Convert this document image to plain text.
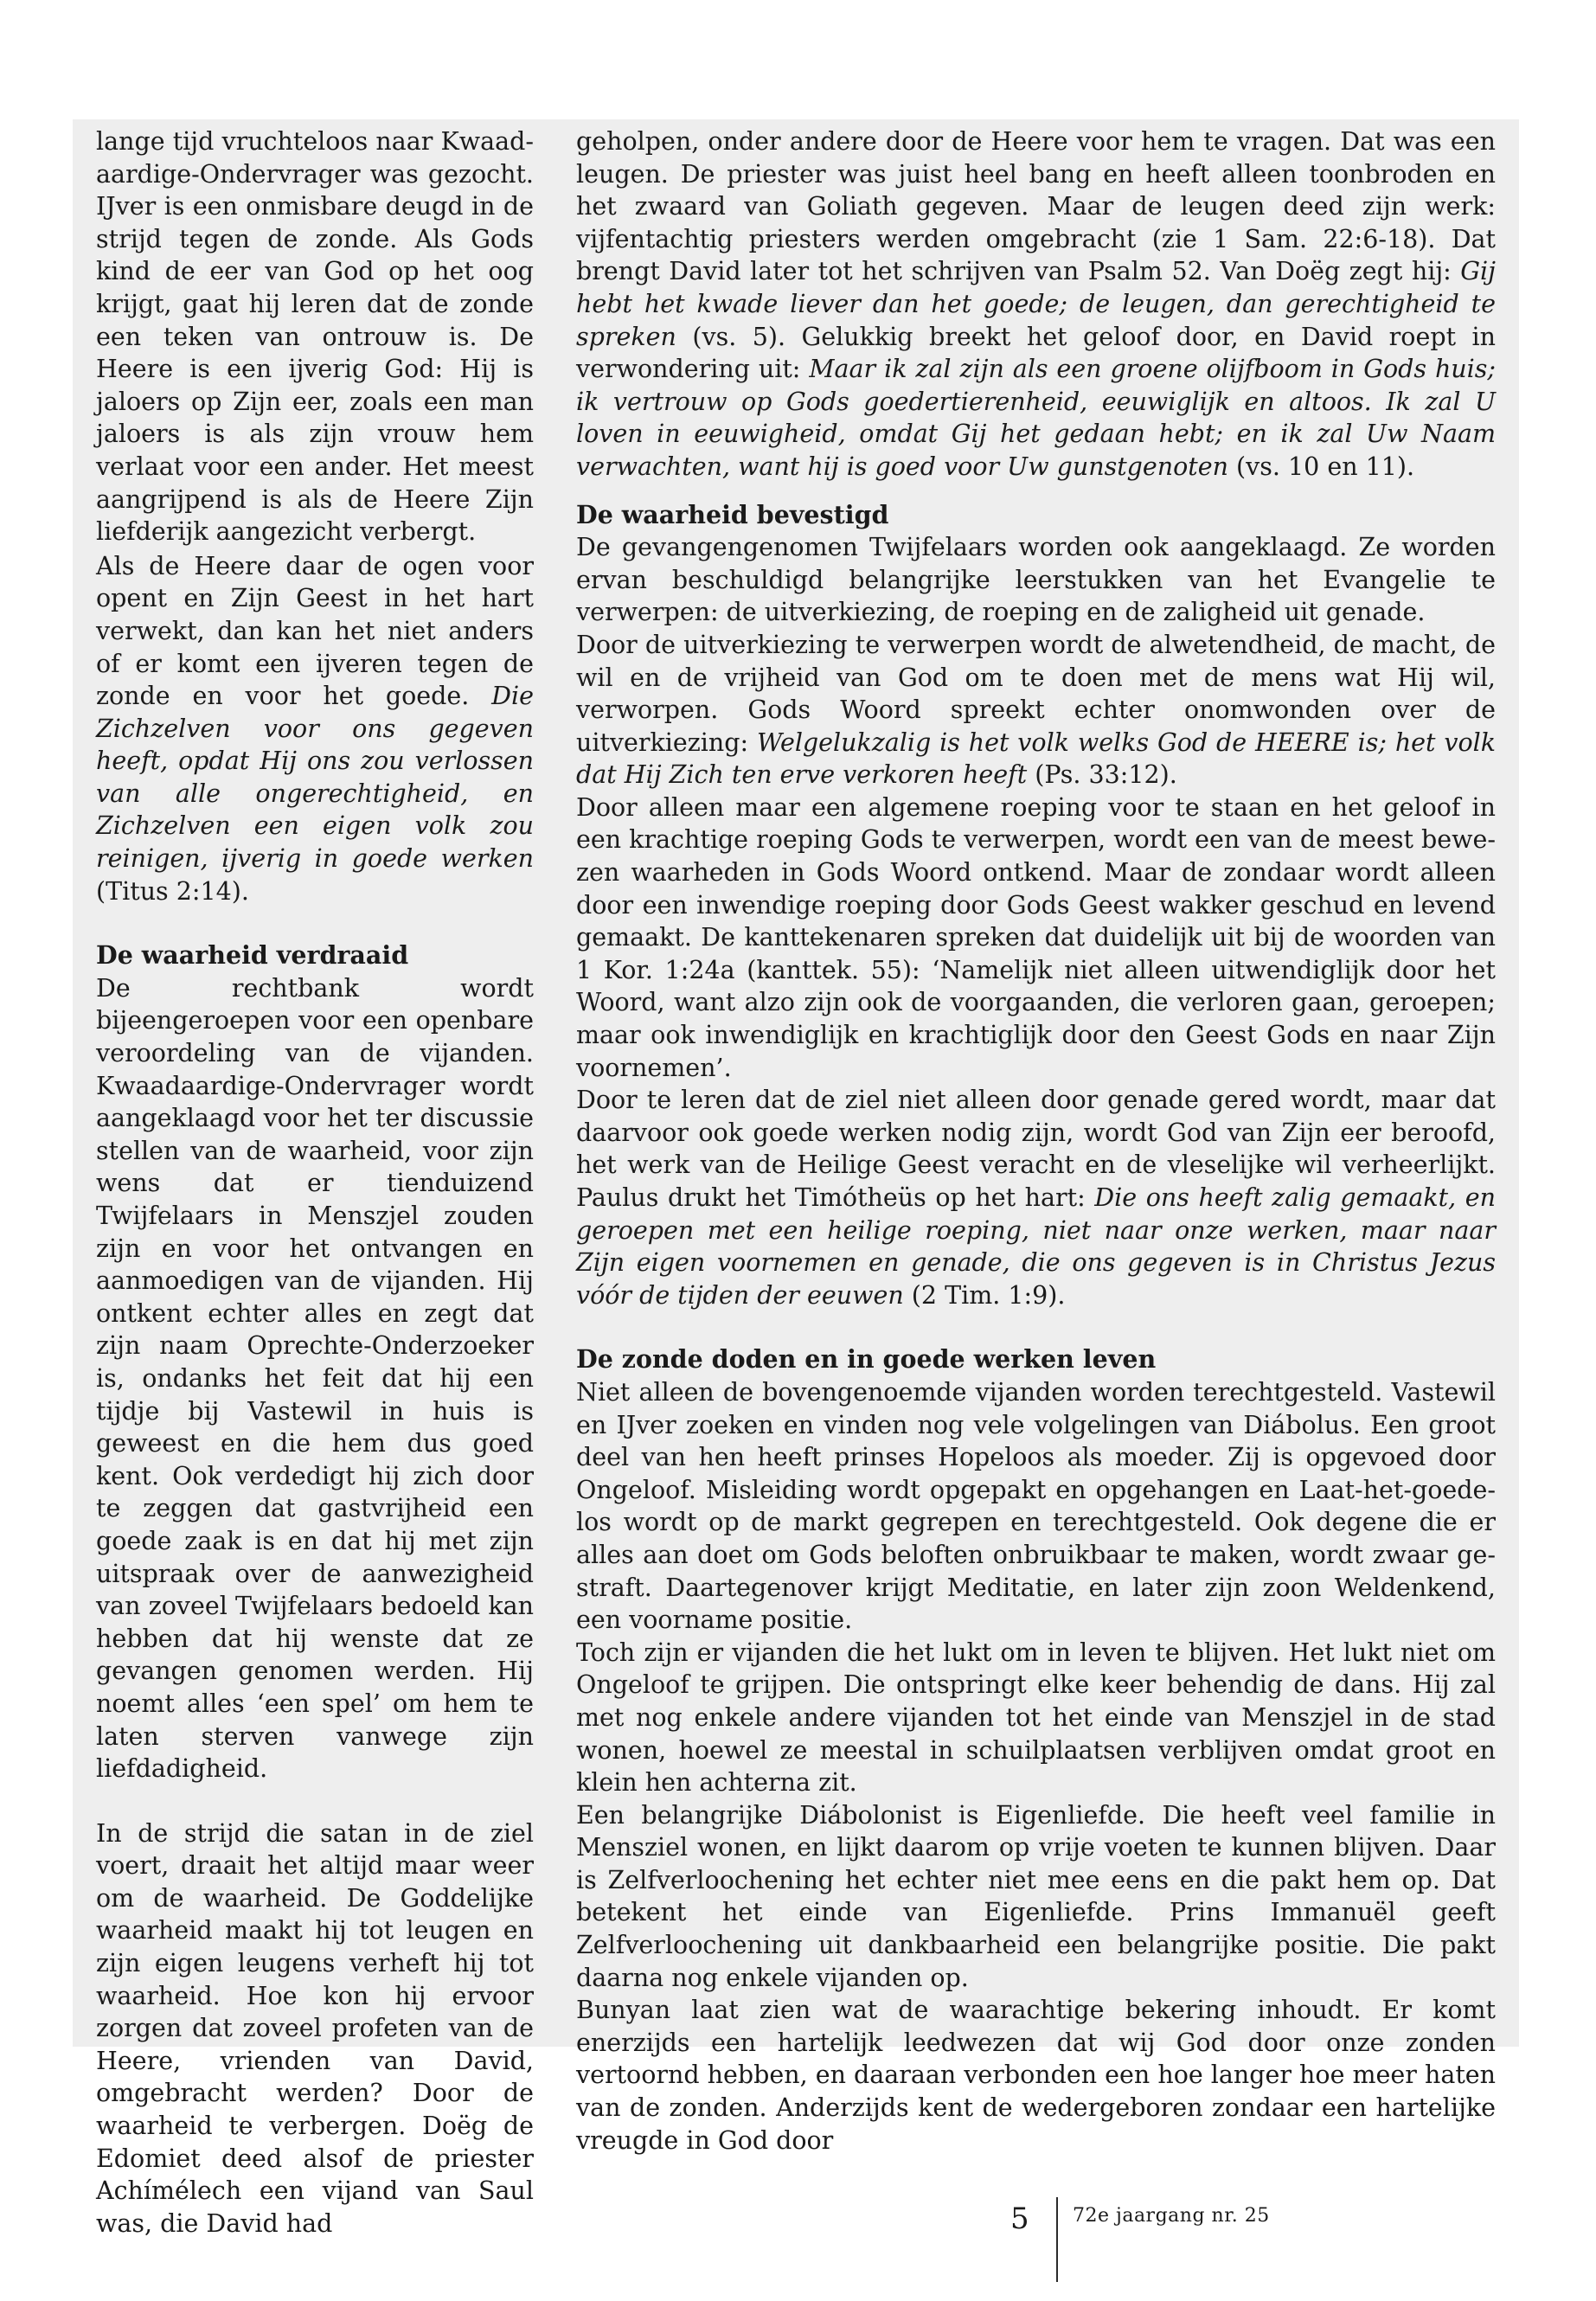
lange tijd vruchteloos naar Kwaadaardige-Ondervrager was gezocht. IJver is een onmisbare deugd in de strijd tegen de zonde. Als Gods kind de eer van God op het oog krijgt, gaat hij leren dat de zonde een teken van ontrouw is. De Heere is een ijverig God: Hij is jaloers op Zijn eer, zoals een man jaloers is als zijn vrouw hem verlaat voor een ander. Het meest aangrijpend is als de Heere Zijn liefderijk aangezicht verbergt.

Als de Heere daar de ogen voor opent en Zijn Geest in het hart verwekt, dan kan het niet anders of er komt een ijveren tegen de zonde en voor het goede. Die Zichzelven voor ons gegeven heeft, opdat Hij ons zou verlossen van alle ongerechtigheid, en Zichzelven een eigen volk zou reinigen, ijverig in goede werken (Titus 2:14).

De waarheid verdraaid

De rechtbank wordt bijeengeroepen voor een openbare veroordeling van de vijanden. Kwaadaardige-Ondervrager wordt aangeklaagd voor het ter discussie stellen van de waarheid, voor zijn wens dat er tienduizend Twijfelaars in Menszjel zouden zijn en voor het ontvangen en aanmoedigen van de vijanden. Hij ontkent echter alles en zegt dat zijn naam Oprechte-Onderzoeker is, ondanks het feit dat hij een tijdje bij Vastewil in huis is geweest en die hem dus goed kent. Ook verdedigt hij zich door te zeggen dat gastvrijheid een goede zaak is en dat hij met zijn uitspraak over de aanwezigheid van zoveel Twijfelaars bedoeld kan hebben dat hij wenste dat ze gevangen genomen werden. Hij noemt alles ‘een spel’ om hem te laten sterven vanwege zijn liefdadigheid.

In de strijd die satan in de ziel voert, draait het altijd maar weer om de waarheid. De Goddelijke waarheid maakt hij tot leugen en zijn eigen leugens verheft hij tot waarheid. Hoe kon hij ervoor zorgen dat zoveel profeten van de Heere, vrienden van David, omgebracht werden? Door de waarheid te verbergen. Doëg de Edomiet deed alsof de priester Achímélech een vijand van Saul was, die David had

geholpen, onder andere door de Heere voor hem te vragen. Dat was een leugen. De priester was juist heel bang en heeft alleen toonbroden en het zwaard van Goliath gegeven. Maar de leugen deed zijn werk: vijfentachtig priesters werden omgebracht (zie 1 Sam. 22:6-18). Dat brengt David later tot het schrijven van Psalm 52. Van Doëg zegt hij: Gij hebt het kwade liever dan het goede; de leugen, dan gerechtigheid te spreken (vs. 5). Gelukkig breekt het geloof door, en David roept in verwondering uit: Maar ik zal zijn als een groene olijfboom in Gods huis; ik vertrouw op Gods goedertierenheid, eeuwiglijk en altoos. Ik zal U loven in eeuwigheid, omdat Gij het gedaan hebt; en ik zal Uw Naam verwachten, want hij is goed voor Uw gunstgenoten (vs. 10 en 11).

De waarheid bevestigd

De gevangengenomen Twijfelaars worden ook aangeklaagd. Ze worden ervan beschuldigd belangrijke leerstukken van het Evangelie te verwerpen: de uitverkiezing, de roeping en de zaligheid uit genade.

Door de uitverkiezing te verwerpen wordt de alwetendheid, de macht, de wil en de vrijheid van God om te doen met de mens wat Hij wil, verworpen. Gods Woord spreekt echter onomwonden over de uitverkiezing: Welgelukzalig is het volk welks God de HEERE is; het volk dat Hij Zich ten erve verkoren heeft (Ps. 33:12).

Door alleen maar een algemene roeping voor te staan en het geloof in een krachtige roeping Gods te verwerpen, wordt een van de meest bewezen waarheden in Gods Woord ontkend. Maar de zondaar wordt alleen door een inwendige roeping door Gods Geest wakker geschud en levend gemaakt. De kanttekenaren spreken dat duidelijk uit bij de woorden van 1 Kor. 1:24a (kanttek. 55): ‘Namelijk niet alleen uitwendiglijk door het Woord, want alzo zijn ook de voorgaanden, die verloren gaan, geroepen; maar ook inwendiglijk en krachtiglijk door den Geest Gods en naar Zijn voornemen’.

Door te leren dat de ziel niet alleen door genade gered wordt, maar dat daarvoor ook goede werken nodig zijn, wordt God van Zijn eer beroofd, het werk van de Heilige Geest veracht en de vleselijke wil verheerlijkt. Paulus drukt het Timótheüs op het hart: Die ons heeft zalig gemaakt, en geroepen met een heilige roeping, niet naar onze werken, maar naar Zijn eigen voornemen en genade, die ons gegeven is in Christus Jezus vóór de tijden der eeuwen (2 Tim. 1:9).

De zonde doden en in goede werken leven

Niet alleen de bovengenoemde vijanden worden terechtgesteld. Vastewil en IJver zoeken en vinden nog vele volgelingen van Diábolus. Een groot deel van hen heeft prinses Hopeloos als moeder. Zij is opgevoed door Ongeloof. Misleiding wordt opgepakt en opgehangen en Laat-het-goede-los wordt op de markt gegrepen en terechtgesteld. Ook degene die er alles aan doet om Gods beloften onbruikbaar te maken, wordt zwaar gestraft. Daartegenover krijgt Meditatie, en later zijn zoon Weldenkend, een voorname positie.

Toch zijn er vijanden die het lukt om in leven te blijven. Het lukt niet om Ongeloof te grijpen. Die ontspringt elke keer behendig de dans. Hij zal met nog enkele andere vijanden tot het einde van Menszjel in de stad wonen, hoewel ze meestal in schuilplaatsen verblijven omdat groot en klein hen achterna zit.

Een belangrijke Diábolonist is Eigenliefde. Die heeft veel familie in Mensziel wonen, en lijkt daarom op vrije voeten te kunnen blijven. Daar is Zelfverloochening het echter niet mee eens en die pakt hem op. Dat betekent het einde van Eigenliefde. Prins Immanuël geeft Zelfverloochening uit dankbaarheid een belangrijke positie. Die pakt daarna nog enkele vijanden op.

Bunyan laat zien wat de waarachtige bekering inhoudt. Er komt enerzijds een hartelijk leedwezen dat wij God door onze zonden vertoornd hebben, en daaraan verbonden een hoe langer hoe meer haten van de zonden. Anderzijds kent de wedergeboren zondaar een hartelijke vreugde in God door

5 72e jaargang nr. 25
